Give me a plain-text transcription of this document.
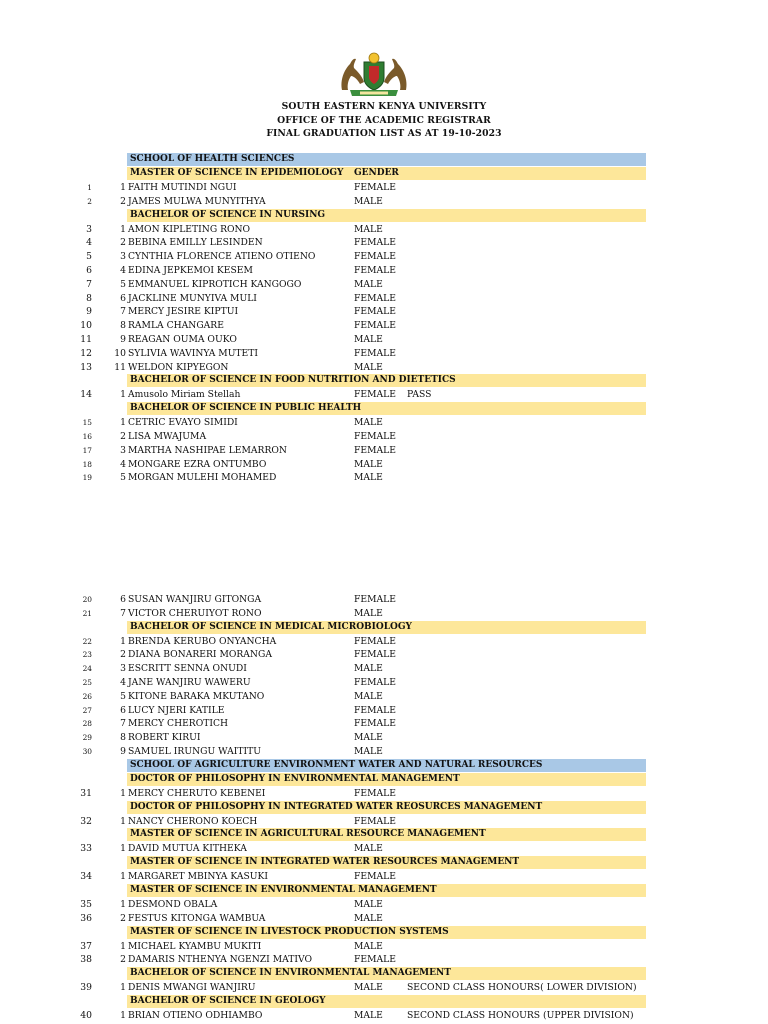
SOUTH EASTERN KENYA UNIVERSITY
OFFICE OF THE ACADEMIC REGISTRAR
FINAL GRADUATION LIST AS AT 19-10-2023
SCHOOL OF HEALTH SCIENCES
MASTER OF SCIENCE IN EPIDEMIOLOGY GENDER
1	1 FAITH MUTINDI NGUI	FEMALE
2	2 JAMES MULWA MUNYITHYA	MALE
BACHELOR OF SCIENCE IN NURSING
3	1 AMON KIPLETING RONO	MALE
4	2 BEBINA EMILLY LESINDEN	FEMALE
5	3 CYNTHIA FLORENCE ATIENO OTIENO	FEMALE
6	4 EDINA JEPKEMOI KESEM	FEMALE
7	5 EMMANUEL KIPROTICH KANGOGO	MALE
8	6 JACKLINE MUNYIVA MULI	FEMALE
9	7 MERCY JESIRE KIPTUI	FEMALE
10	8 RAMLA CHANGARE	FEMALE
11	9 REAGAN OUMA OUKO	MALE
12	10 SYLIVIA WAVINYA MUTETI	FEMALE
13	11 WELDON KIPYEGON	MALE
BACHELOR OF SCIENCE IN FOOD NUTRITION AND DIETETICS
14	1 Amusolo Miriam Stellah	FEMALE PASS
BACHELOR OF SCIENCE IN PUBLIC HEALTH
15	1 CETRIC EVAYO SIMIDI	MALE
16	2 LISA MWAJUMA	FEMALE
17	3 MARTHA NASHIPAE LEMARRON	FEMALE
18	4 MONGARE EZRA ONTUMBO	MALE
19	5 MORGAN MULEHI MOHAMED	MALE
20	6 SUSAN WANJIRU GITONGA	FEMALE
21	7 VICTOR CHERUIYOT RONO	MALE
BACHELOR OF SCIENCE IN MEDICAL MICROBIOLOGY
22	1 BRENDA KERUBO ONYANCHA	FEMALE
23	2 DIANA BONARERI MORANGA	FEMALE
24	3 ESCRITT SENNA ONUDI	MALE
25	4 JANE WANJIRU WAWERU	FEMALE
26	5 KITONE BARAKA MKUTANO	MALE
27	6 LUCY NJERI KATILE	FEMALE
28	7 MERCY CHEROTICH	FEMALE
29	8 ROBERT KIRUI	MALE
30	9 SAMUEL IRUNGU WAITITU	MALE
SCHOOL OF AGRICULTURE ENVIRONMENT WATER AND NATURAL RESOURCES
DOCTOR OF PHILOSOPHY IN ENVIRONMENTAL MANAGEMENT
31	1 MERCY CHERUTO KEBENEI	FEMALE
DOCTOR OF PHILOSOPHY IN INTEGRATED WATER REOSURCES MANAGEMENT
32	1 NANCY CHERONO KOECH	FEMALE
MASTER OF SCIENCE IN AGRICULTURAL RESOURCE MANAGEMENT
33	1 DAVID MUTUA KITHEKA	MALE
MASTER OF SCIENCE IN INTEGRATED WATER RESOURCES MANAGEMENT
34	1 MARGARET MBINYA KASUKI	FEMALE
MASTER OF SCIENCE IN ENVIRONMENTAL MANAGEMENT
35	1 DESMOND OBALA	MALE
36	2 FESTUS KITONGA WAMBUA	MALE
MASTER OF SCIENCE IN LIVESTOCK PRODUCTION SYSTEMS
37	1 MICHAEL KYAMBU MUKITI	MALE
38	2 DAMARIS NTHENYA NGENZI MATIVO	FEMALE
BACHELOR OF SCIENCE IN ENVIRONMENTAL MANAGEMENT
39	1 DENIS MWANGI WANJIRU	MALE	SECOND CLASS HONOURS( LOWER DIVISION)
BACHELOR OF SCIENCE IN GEOLOGY
40	1 BRIAN OTIENO ODHIAMBO	MALE	SECOND CLASS HONOURS (UPPER DIVISION)
